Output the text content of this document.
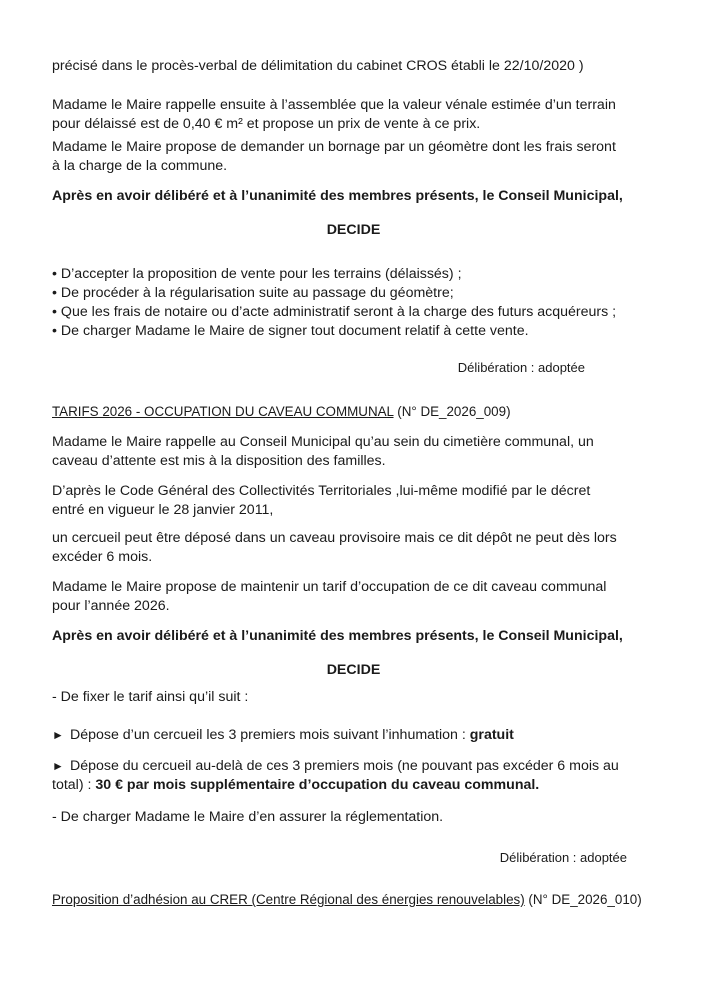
précisé dans le procès-verbal de délimitation du cabinet CROS établi le 22/10/2020 )
Madame le Maire rappelle ensuite à l’assemblée que la valeur vénale estimée d’un terrain
pour délaissé est de 0,40 € m² et propose un prix de vente à ce prix.
Madame le Maire propose de demander un bornage par un géomètre dont les frais seront
à la charge de la commune.
Après en avoir délibéré et à l’unanimité des membres présents, le Conseil Municipal,
DECIDE
• D’accepter la proposition de vente pour les terrains (délaissés) ;
• De procéder à la régularisation suite au passage du géomètre;
• Que les frais de notaire ou d’acte administratif seront à la charge des futurs acquéreurs ;
• De charger Madame le Maire de signer tout document relatif à cette vente.
Délibération : adoptée
TARIFS 2026 - OCCUPATION DU CAVEAU COMMUNAL (N° DE_2026_009)
Madame le Maire rappelle au Conseil Municipal qu’au sein du cimetière communal, un
caveau d’attente est mis à la disposition des familles.
D’après le Code Général des Collectivités Territoriales ,lui-même modifié par le décret
entré en vigueur le 28 janvier 2011,
un cercueil peut être déposé dans un caveau provisoire mais ce dit dépôt ne peut dès lors
excéder 6 mois.
Madame le Maire propose de maintenir un tarif d’occupation de ce dit caveau communal
pour l’année 2026.
Après en avoir délibéré et à l’unanimité des membres présents, le Conseil Municipal,
DECIDE
- De fixer le tarif ainsi qu’il suit :
► Dépose d’un cercueil les 3 premiers mois suivant l’inhumation : gratuit
► Dépose du cercueil au-delà de ces 3 premiers mois (ne pouvant pas excéder 6 mois au
total) : 30 € par mois supplémentaire d’occupation du caveau communal.
- De charger Madame le Maire d’en assurer la réglementation.
Délibération : adoptée
Proposition d’adhésion au CRER (Centre Régional des énergies renouvelables) (N° DE_2026_010)
